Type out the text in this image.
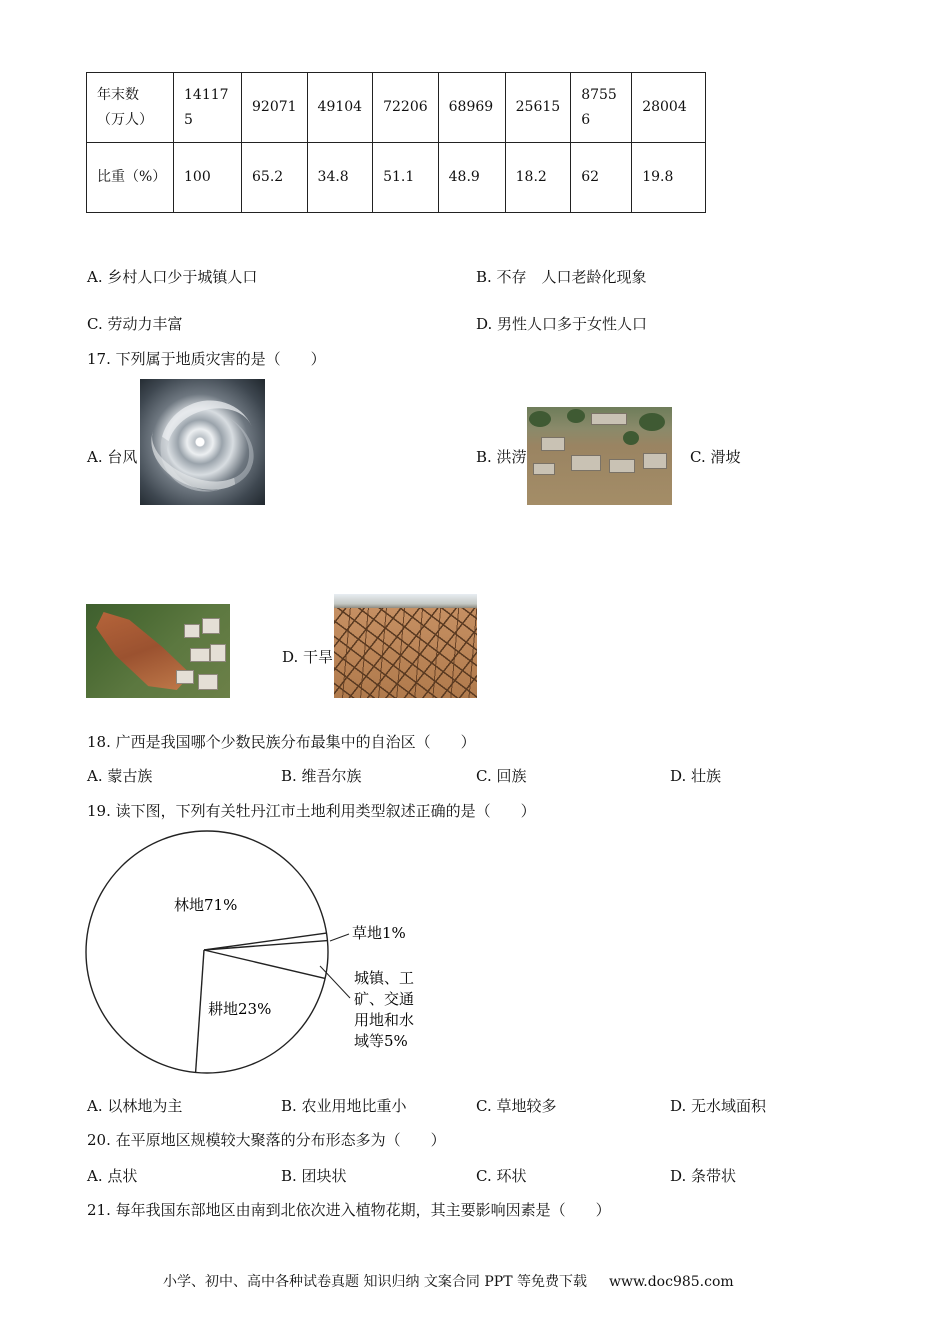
年末数（万人）	141175	92071	49104	72206	68969	25615	87556	28004
比重（%）	100	65.2	34.8	51.1	48.9	18.2	62	19.8
A. 乡村人口少于城镇人口	B. 不存　人口老龄化现象
C. 劳动力丰富	D. 男性人口多于女性人口
17. 下列属于地质灾害的是（　　）
A. 台风	B. 洪涝	C. 滑坡
D. 干旱
18. 广西是我国哪个少数民族分布最集中的自治区（　　）
A. 蒙古族	B. 维吾尔族	C. 回族	D. 壮族
19. 读下图，下列有关牡丹江市土地利用类型叙述正确的是（　　）
林地71%
耕地23%
草地1%
城镇、工
矿、交通
用地和水
域等5%
A. 以林地为主	B. 农业用地比重小	C. 草地较多	D. 无水域面积
20. 在平原地区规模较大聚落的分布形态多为（　　）
A. 点状	B. 团块状	C. 环状	D. 条带状
21. 每年我国东部地区由南到北依次进入植物花期，其主要影响因素是（　　）
小学、初中、高中各种试卷真题 知识归纳 文案合同 PPT 等免费下载 www.doc985.com
